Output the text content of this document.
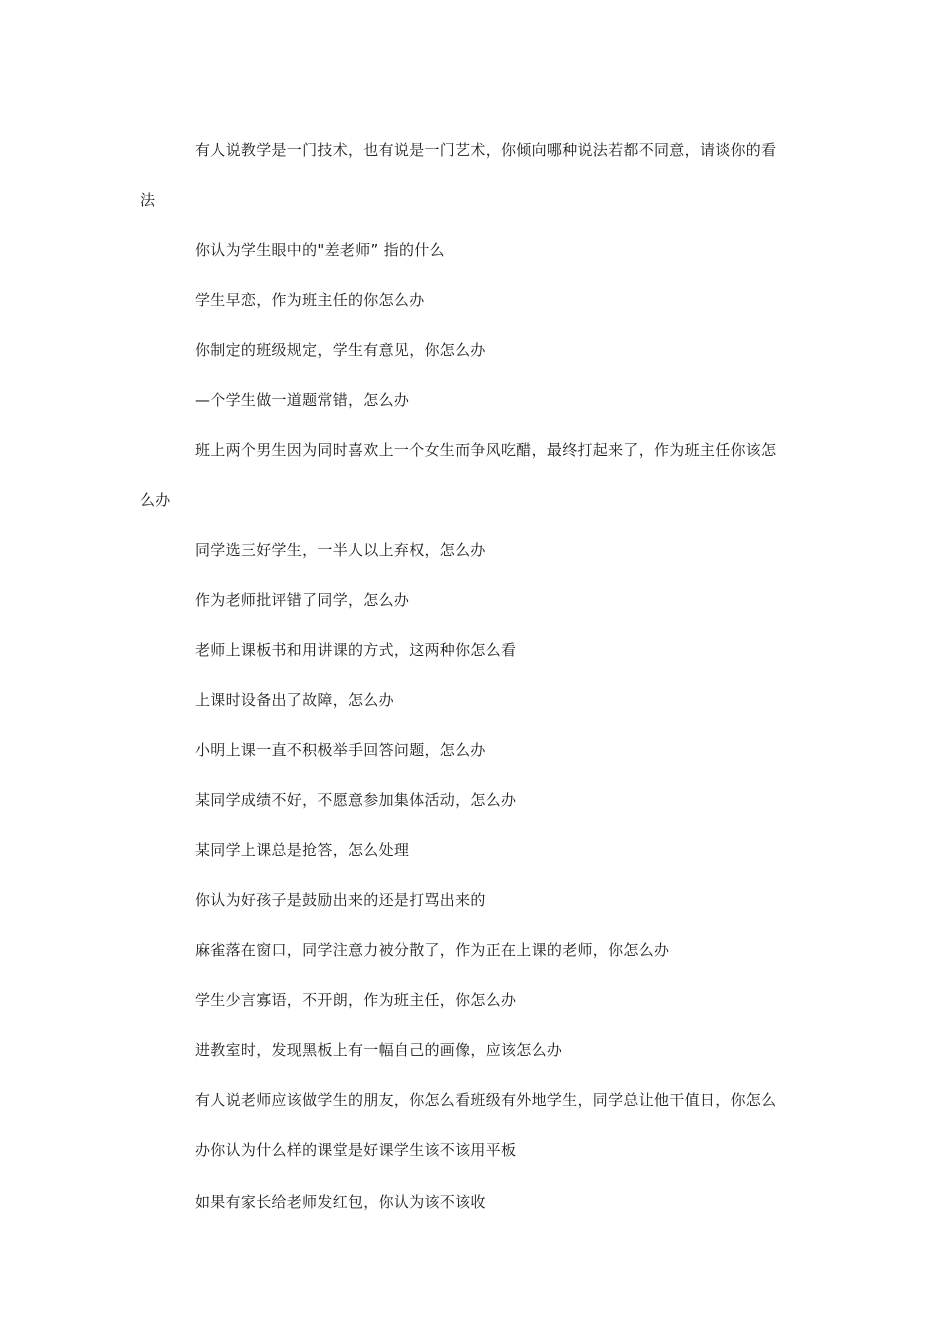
有人说教学是一门技术，也有说是一门艺术，你倾向哪种说法若都不同意，请谈你的看
法
你认为学生眼中的"差老师” 指的什么
学生早恋，作为班主任的你怎么办
你制定的班级规定，学生有意见，你怎么办
—个学生做一道题常错，怎么办
班上两个男生因为同时喜欢上一个女生而争风吃醋，最终打起来了，作为班主任你该怎
么办
同学选三好学生，一半人以上弃权，怎么办
作为老师批评错了同学，怎么办
老师上课板书和用讲课的方式，这两种你怎么看
上课时设备出了故障，怎么办
小明上课一直不积极举手回答问题，怎么办
某同学成绩不好，不愿意参加集体活动，怎么办
某同学上课总是抢答，怎么处理
你认为好孩子是鼓励出来的还是打骂出来的
麻雀落在窗口，同学注意力被分散了，作为正在上课的老师，你怎么办
学生少言寡语，不开朗，作为班主任，你怎么办
进教室时，发现黑板上有一幅自己的画像，应该怎么办
有人说老师应该做学生的朋友，你怎么看班级有外地学生，同学总让他干值日，你怎么
办你认为什么样的课堂是好课学生该不该用平板
如果有家长给老师发红包，你认为该不该收
